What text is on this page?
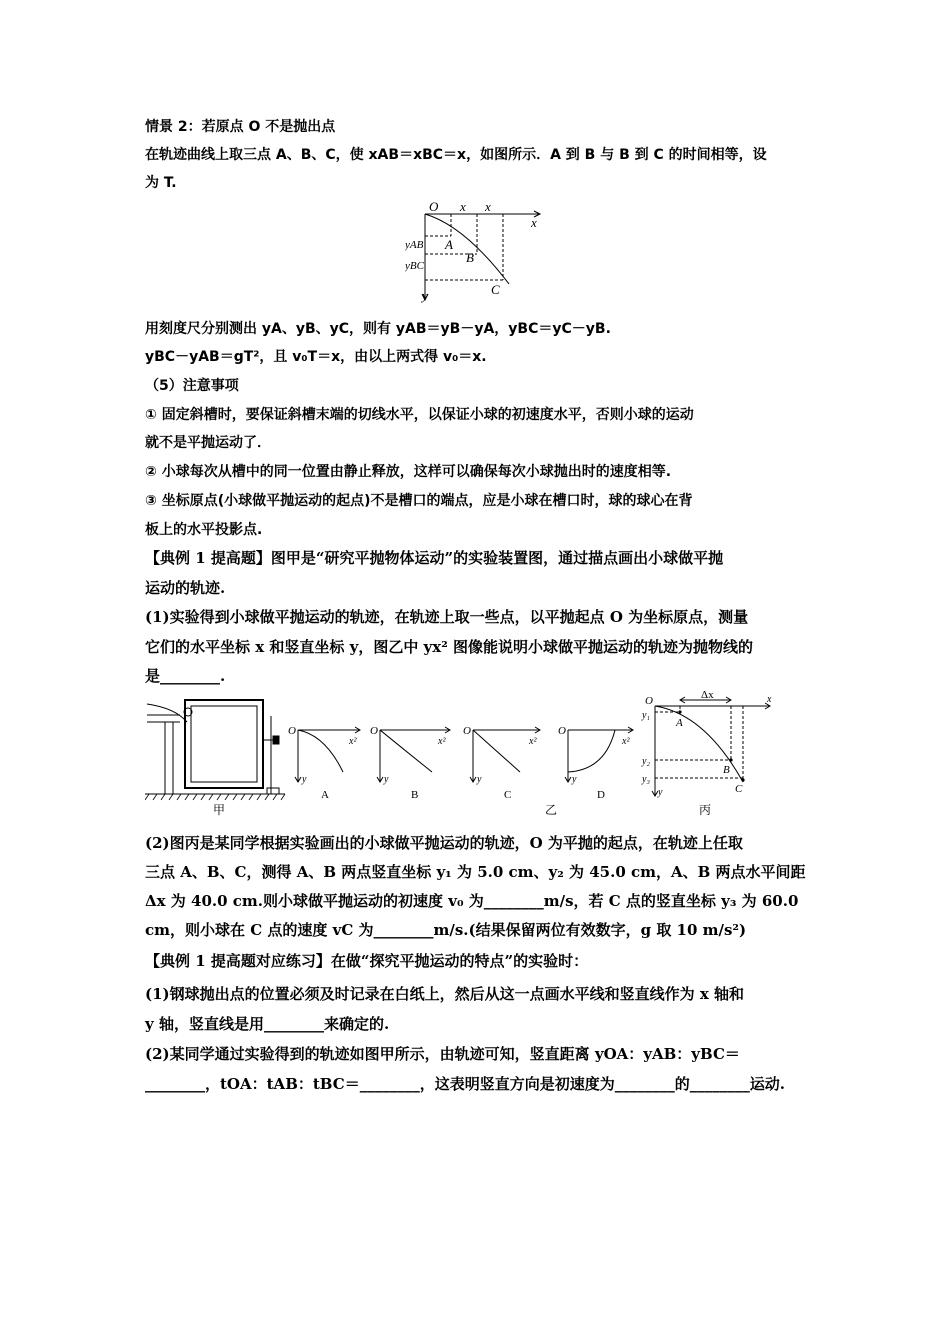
情景 2：若原点 O 不是抛出点
在轨迹曲线上取三点 A、B、C，使 xAB＝xBC＝x，如图所示．A 到 B 与 B 到 C 的时间相等，设
为 T.
O x x
x
y
A
B
C
yAB
yBC
用刻度尺分别测出 yA、yB、yC，则有 yAB＝yB－yA，yBC＝yC－yB.
yBC－yAB＝gT²，且 v₀T＝x，由以上两式得 v₀＝x.
（5）注意事项
① 固定斜槽时，要保证斜槽末端的切线水平，以保证小球的初速度水平，否则小球的运动
就不是平抛运动了．
② 小球每次从槽中的同一位置由静止释放，这样可以确保每次小球抛出时的速度相等.
③ 坐标原点(小球做平抛运动的起点)不是槽口的端点，应是小球在槽口时，球的球心在背
板上的水平投影点.
【典例 1 提高题】图甲是“研究平抛物体运动”的实验装置图，通过描点画出小球做平抛
运动的轨迹.
(1)实验得到小球做平抛运动的轨迹，在轨迹上取一些点，以平抛起点 O 为坐标原点，测量
它们的水平坐标 x 和竖直坐标 y，图乙中 yx² 图像能说明小球做平抛运动的轨迹为抛物线的
是________.
甲
O
x²
y
A
O
x²
y
B
O
x²
y
C
O
x²
y
D
乙
O	Δx	x
y₁
y₂
y₃
y
A
B
C
丙
(2)图丙是某同学根据实验画出的小球做平抛运动的轨迹，O 为平抛的起点，在轨迹上任取
三点 A、B、C，测得 A、B 两点竖直坐标 y₁ 为 5.0 cm、y₂ 为 45.0 cm，A、B 两点水平间距
Δx 为 40.0 cm.则小球做平抛运动的初速度 v₀ 为________m/s，若 C 点的竖直坐标 y₃ 为 60.0
cm，则小球在 C 点的速度 vC 为________m/s.(结果保留两位有效数字，g 取 10 m/s²)
【典例 1 提高题对应练习】在做“探究平抛运动的特点”的实验时：
(1)钢球抛出点的位置必须及时记录在白纸上，然后从这一点画水平线和竖直线作为 x 轴和
y 轴，竖直线是用________来确定的.
(2)某同学通过实验得到的轨迹如图甲所示，由轨迹可知，竖直距离 yOA：yAB：yBC＝
________，tOA：tAB：tBC＝________，这表明竖直方向是初速度为________的________运动.
